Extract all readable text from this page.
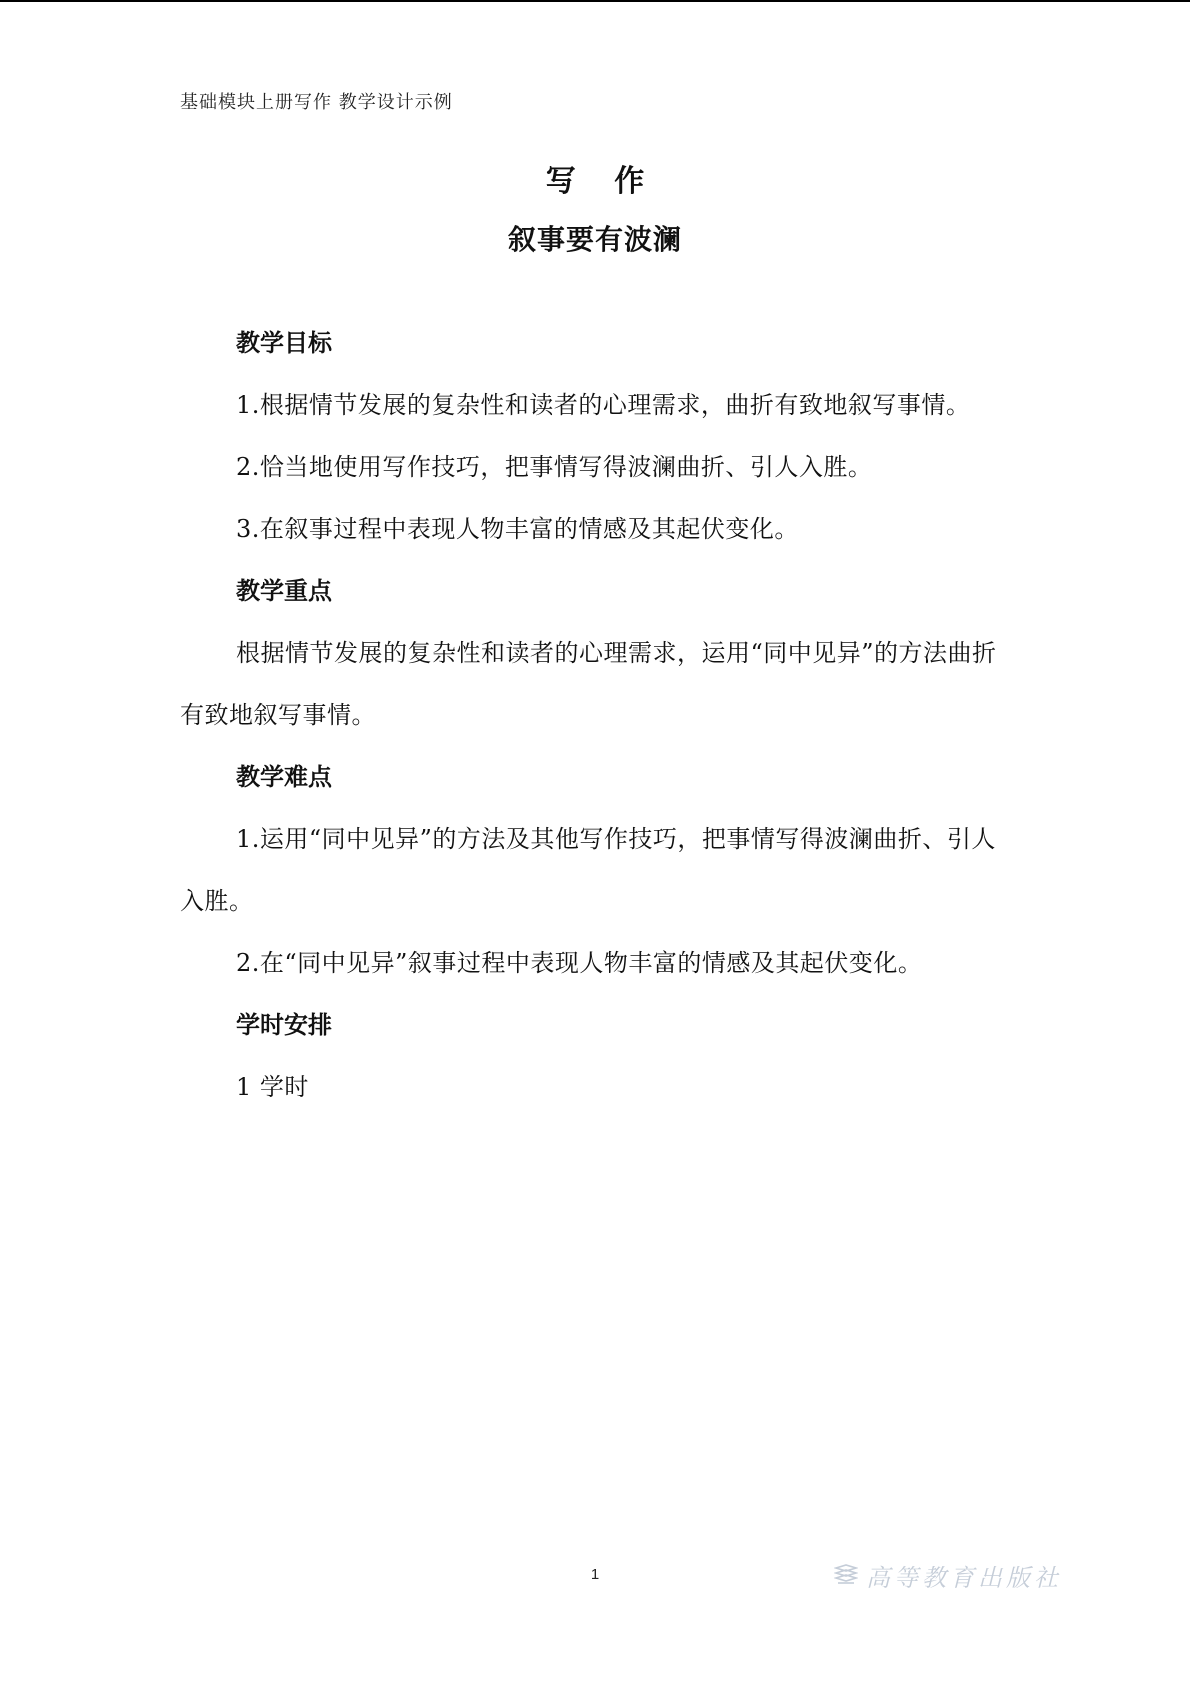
基础模块上册写作 教学设计示例
写 作
叙事要有波澜
教学目标

1.根据情节发展的复杂性和读者的心理需求，曲折有致地叙写事情。

2.恰当地使用写作技巧，把事情写得波澜曲折、引人入胜。

3.在叙事过程中表现人物丰富的情感及其起伏变化。

教学重点

根据情节发展的复杂性和读者的心理需求，运用“同中见异”的方法曲折有致地叙写事情。

教学难点

1.运用“同中见异”的方法及其他写作技巧，把事情写得波澜曲折、引人入胜。

2.在“同中见异”叙事过程中表现人物丰富的情感及其起伏变化。

学时安排

1 学时

1	高等教育出版社
